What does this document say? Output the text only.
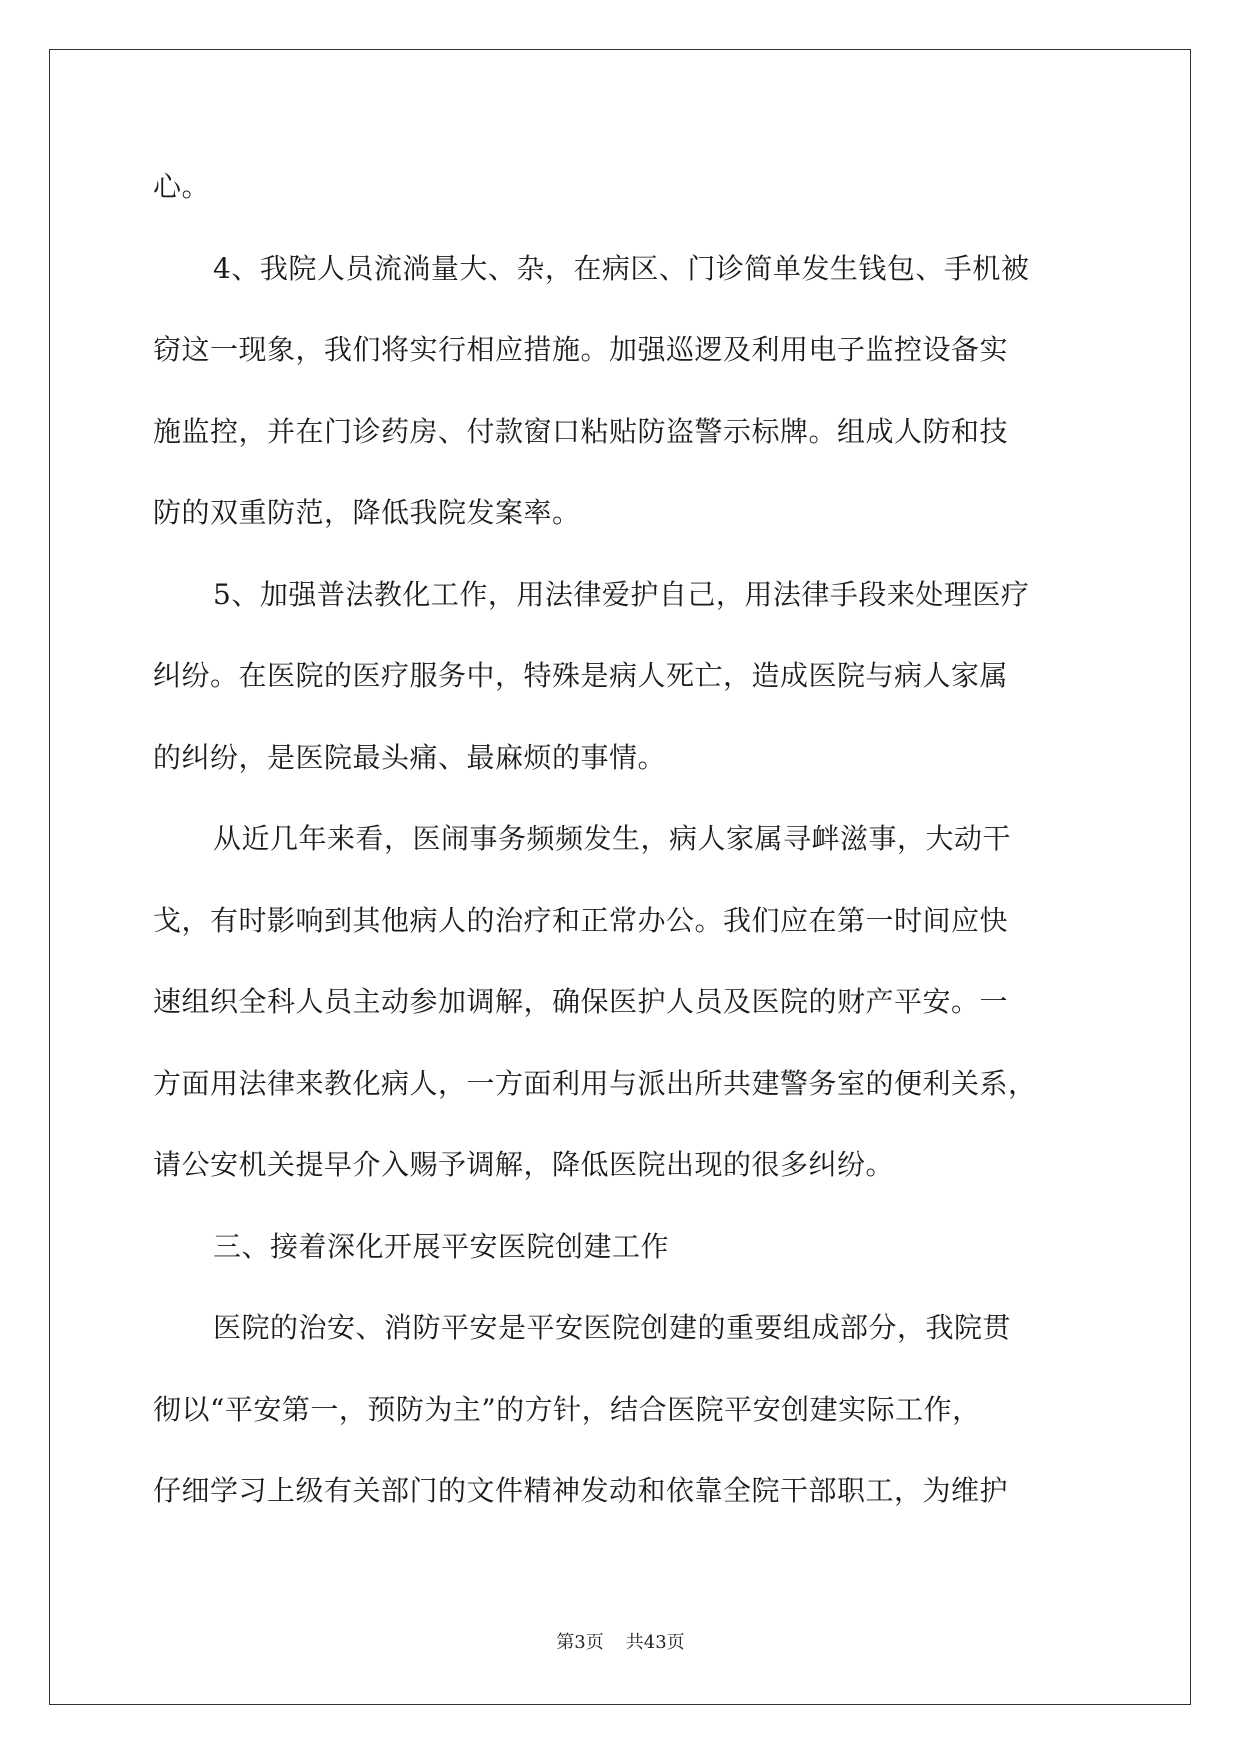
心。
4、我院人员流淌量大、杂，在病区、门诊简单发生钱包、手机被
窃这一现象，我们将实行相应措施。加强巡逻及利用电子监控设备实
施监控，并在门诊药房、付款窗口粘贴防盗警示标牌。组成人防和技
防的双重防范，降低我院发案率。
5、加强普法教化工作，用法律爱护自己，用法律手段来处理医疗
纠纷。在医院的医疗服务中，特殊是病人死亡，造成医院与病人家属
的纠纷，是医院最头痛、最麻烦的事情。
从近几年来看，医闹事务频频发生，病人家属寻衅滋事，大动干
戈，有时影响到其他病人的治疗和正常办公。我们应在第一时间应快
速组织全科人员主动参加调解，确保医护人员及医院的财产平安。一
方面用法律来教化病人，一方面利用与派出所共建警务室的便利关系，
请公安机关提早介入赐予调解，降低医院出现的很多纠纷。
三、接着深化开展平安医院创建工作
医院的治安、消防平安是平安医院创建的重要组成部分，我院贯
彻以“平安第一，预防为主”的方针，结合医院平安创建实际工作，
仔细学习上级有关部门的文件精神发动和依靠全院干部职工，为维护
第3页 共43页
